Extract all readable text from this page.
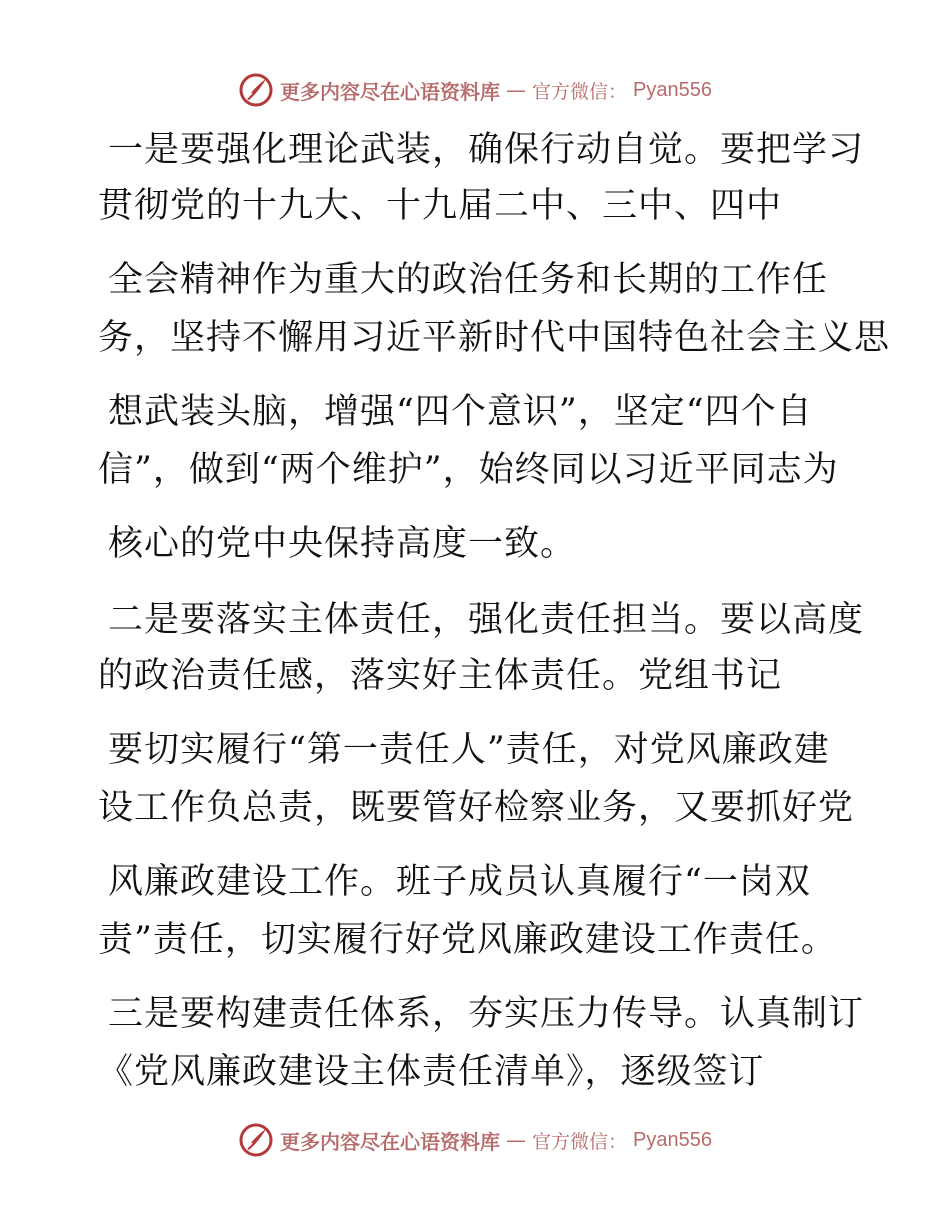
更多内容尽在心语资料库 — 官方微信： Pyan556
一是要强化理论武装，确保行动自觉。要把学习
贯彻党的十九大、十九届二中、三中、四中
全会精神作为重大的政治任务和长期的工作任
务，坚持不懈用习近平新时代中国特色社会主义思
想武装头脑，增强“四个意识”，坚定“四个自
信”，做到“两个维护”，始终同以习近平同志为
核心的党中央保持高度一致。
二是要落实主体责任，强化责任担当。要以高度
的政治责任感，落实好主体责任。党组书记
要切实履行“第一责任人”责任，对党风廉政建
设工作负总责，既要管好检察业务，又要抓好党
风廉政建设工作。班子成员认真履行“一岗双
责”责任，切实履行好党风廉政建设工作责任。
三是要构建责任体系，夯实压力传导。认真制订
《党风廉政建设主体责任清单》，逐级签订
更多内容尽在心语资料库 — 官方微信： Pyan556
